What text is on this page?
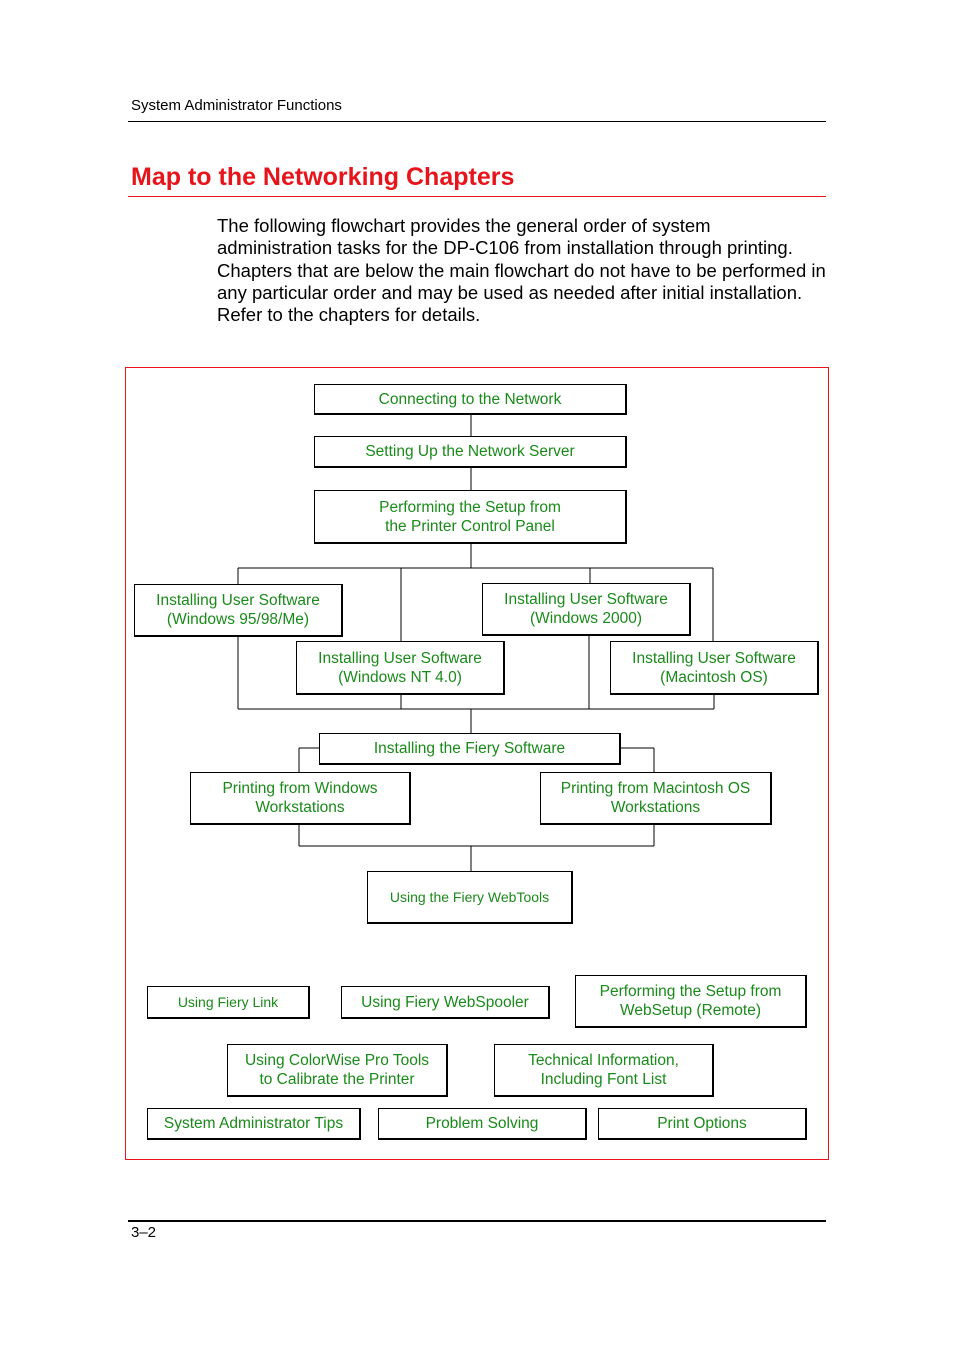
System Administrator Functions
Map to the Networking Chapters
The following flowchart provides the general order of system administration tasks for the DP-C106 from installation through printing. Chapters that are below the main flowchart do not have to be performed in any particular order and may be used as needed after initial installation. Refer to the chapters for details.
Connecting to the Network
Setting Up the Network Server
Performing the Setup from
the Printer Control Panel
Installing User Software
(Windows 95/98/Me)
Installing User Software
(Windows 2000)
Installing User Software
(Windows NT 4.0)
Installing User Software
(Macintosh OS)
Installing the Fiery Software
Printing from Windows
Workstations
Printing from Macintosh OS
Workstations
Using the Fiery WebTools
Using Fiery Link	Using Fiery WebSpooler
Performing the Setup from
WebSetup (Remote)
Using ColorWise Pro Tools
to Calibrate the Printer
Technical Information,
Including Font List
System Administrator Tips	Problem Solving	Print Options
3–2
